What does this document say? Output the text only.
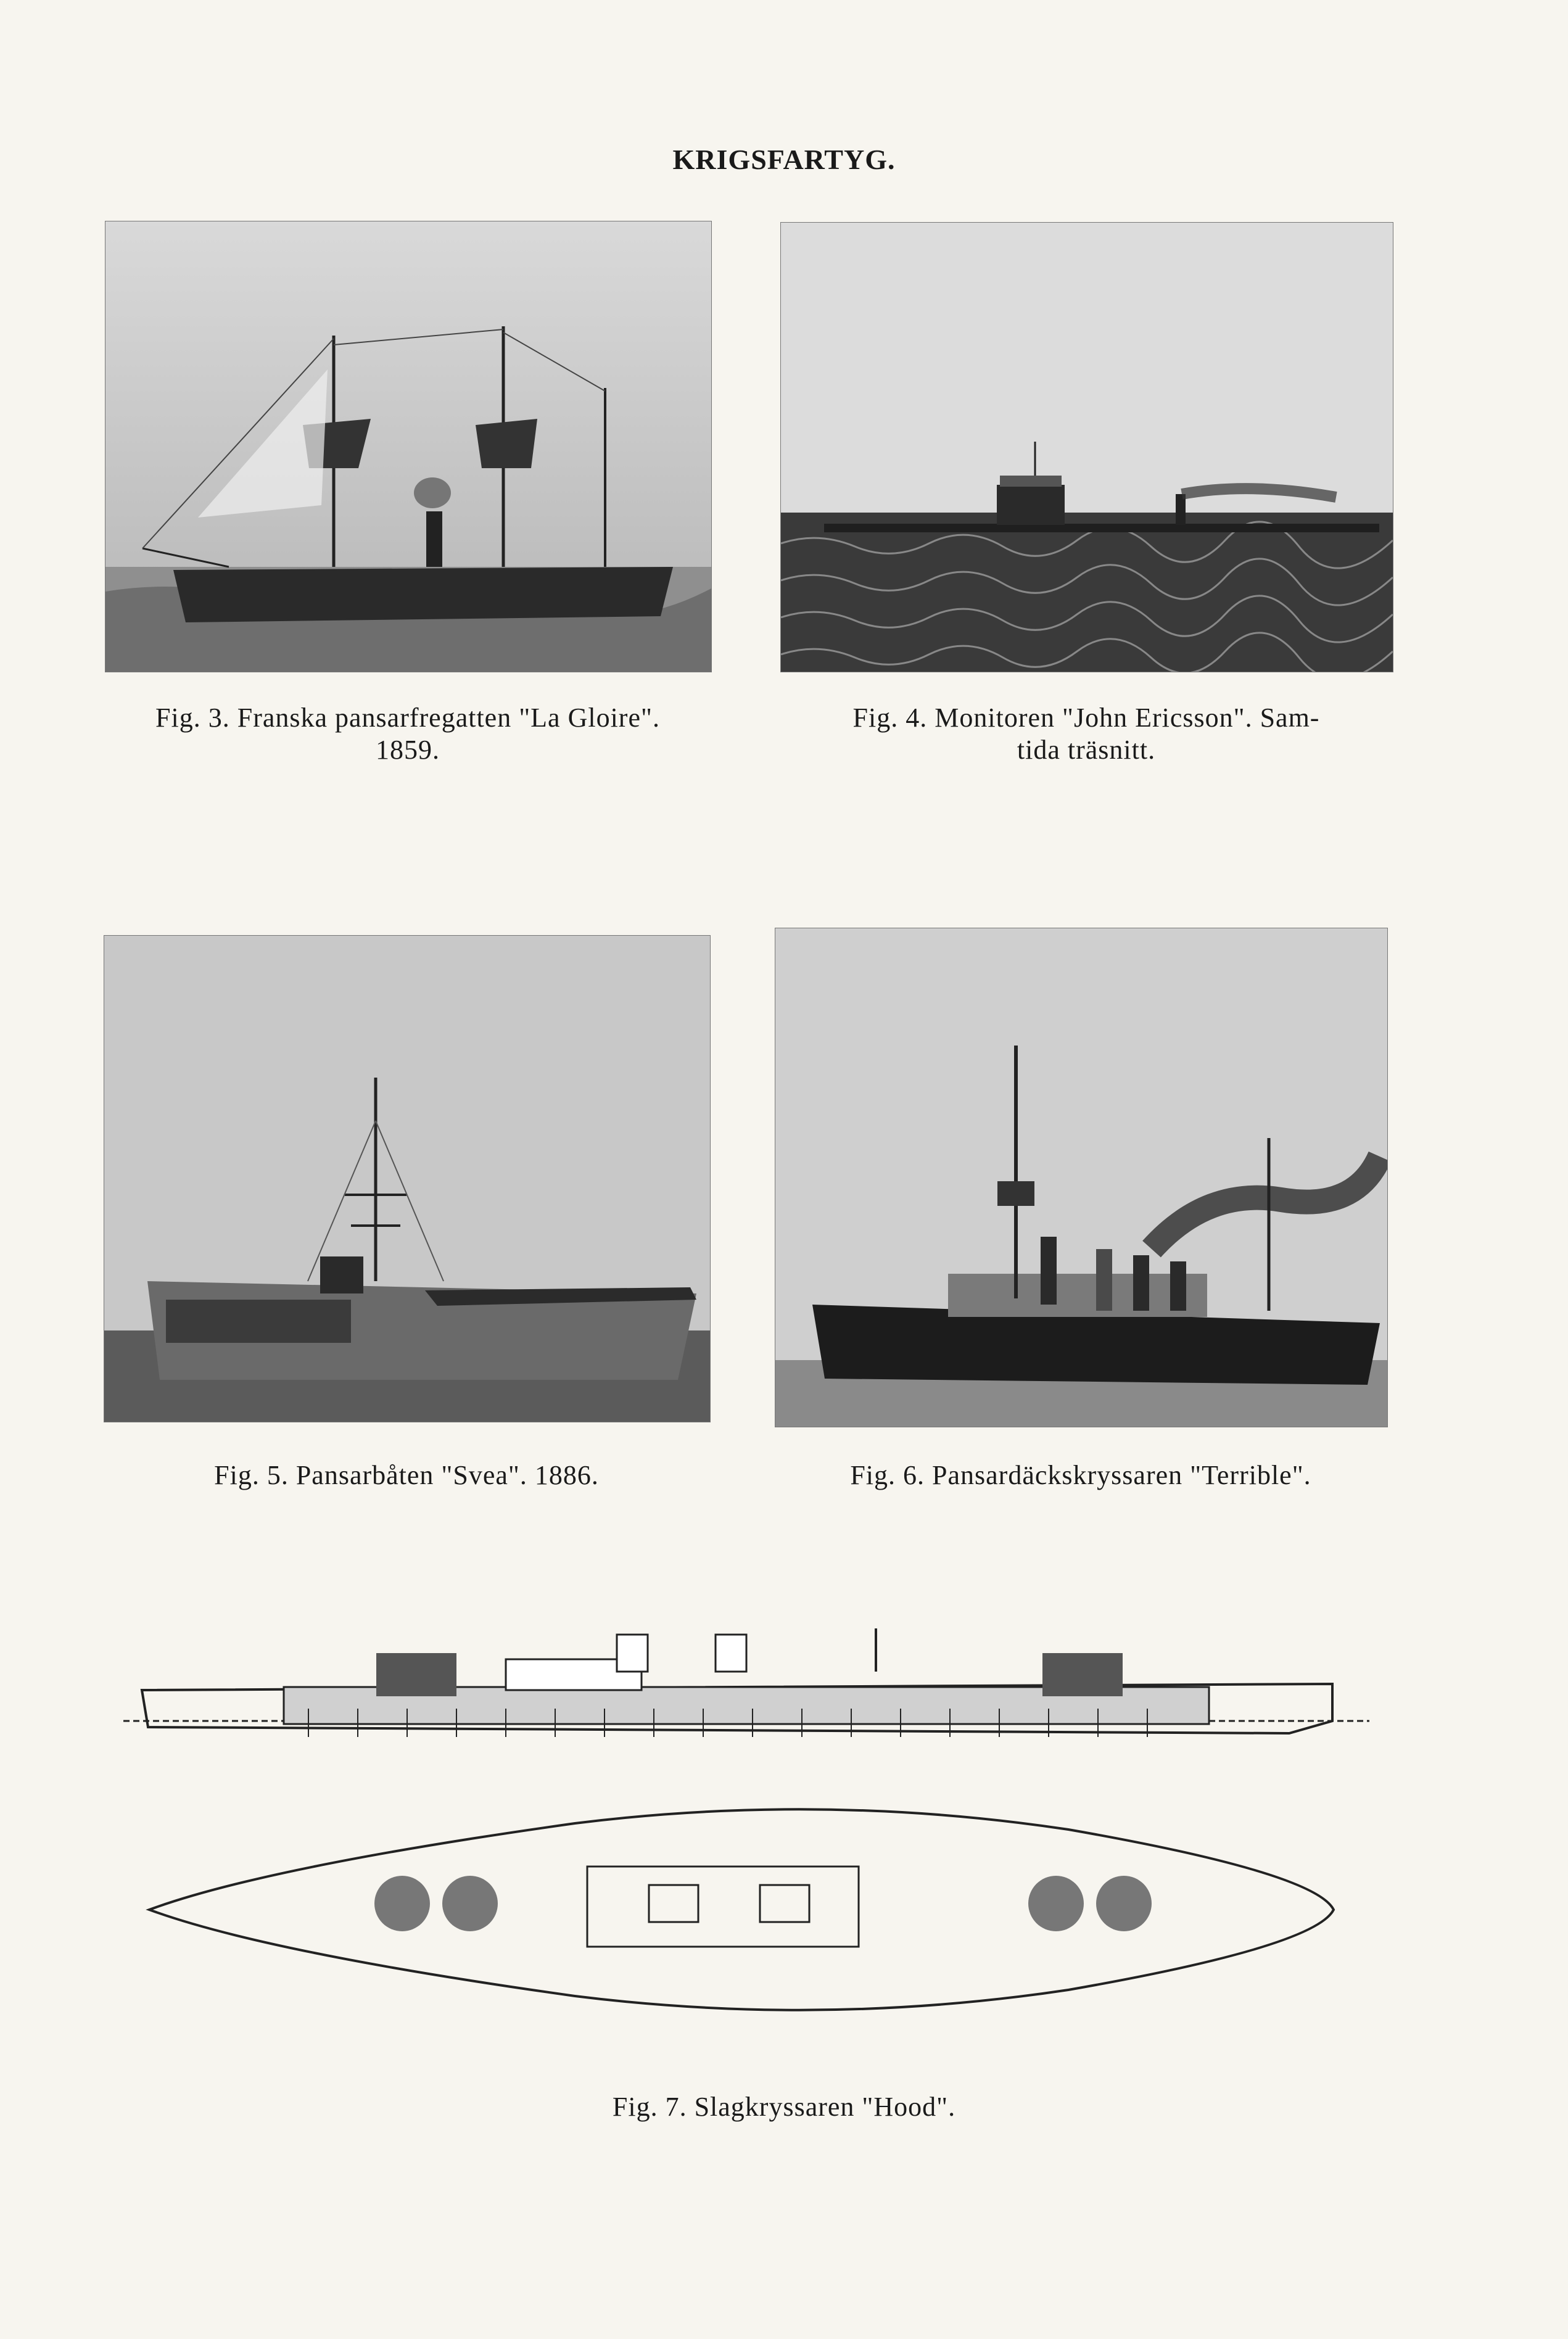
KRIGSFARTYG.
Fig. 3. Franska pansarfregatten "La Gloire".
1859.
Fig. 4. Monitoren "John Ericsson". Sam-
tida träsnitt.
Fig. 5. Pansarbåten "Svea". 1886.	Fig. 6. Pansardäckskryssaren "Terrible".
Fig. 7. Slagkryssaren "Hood".
